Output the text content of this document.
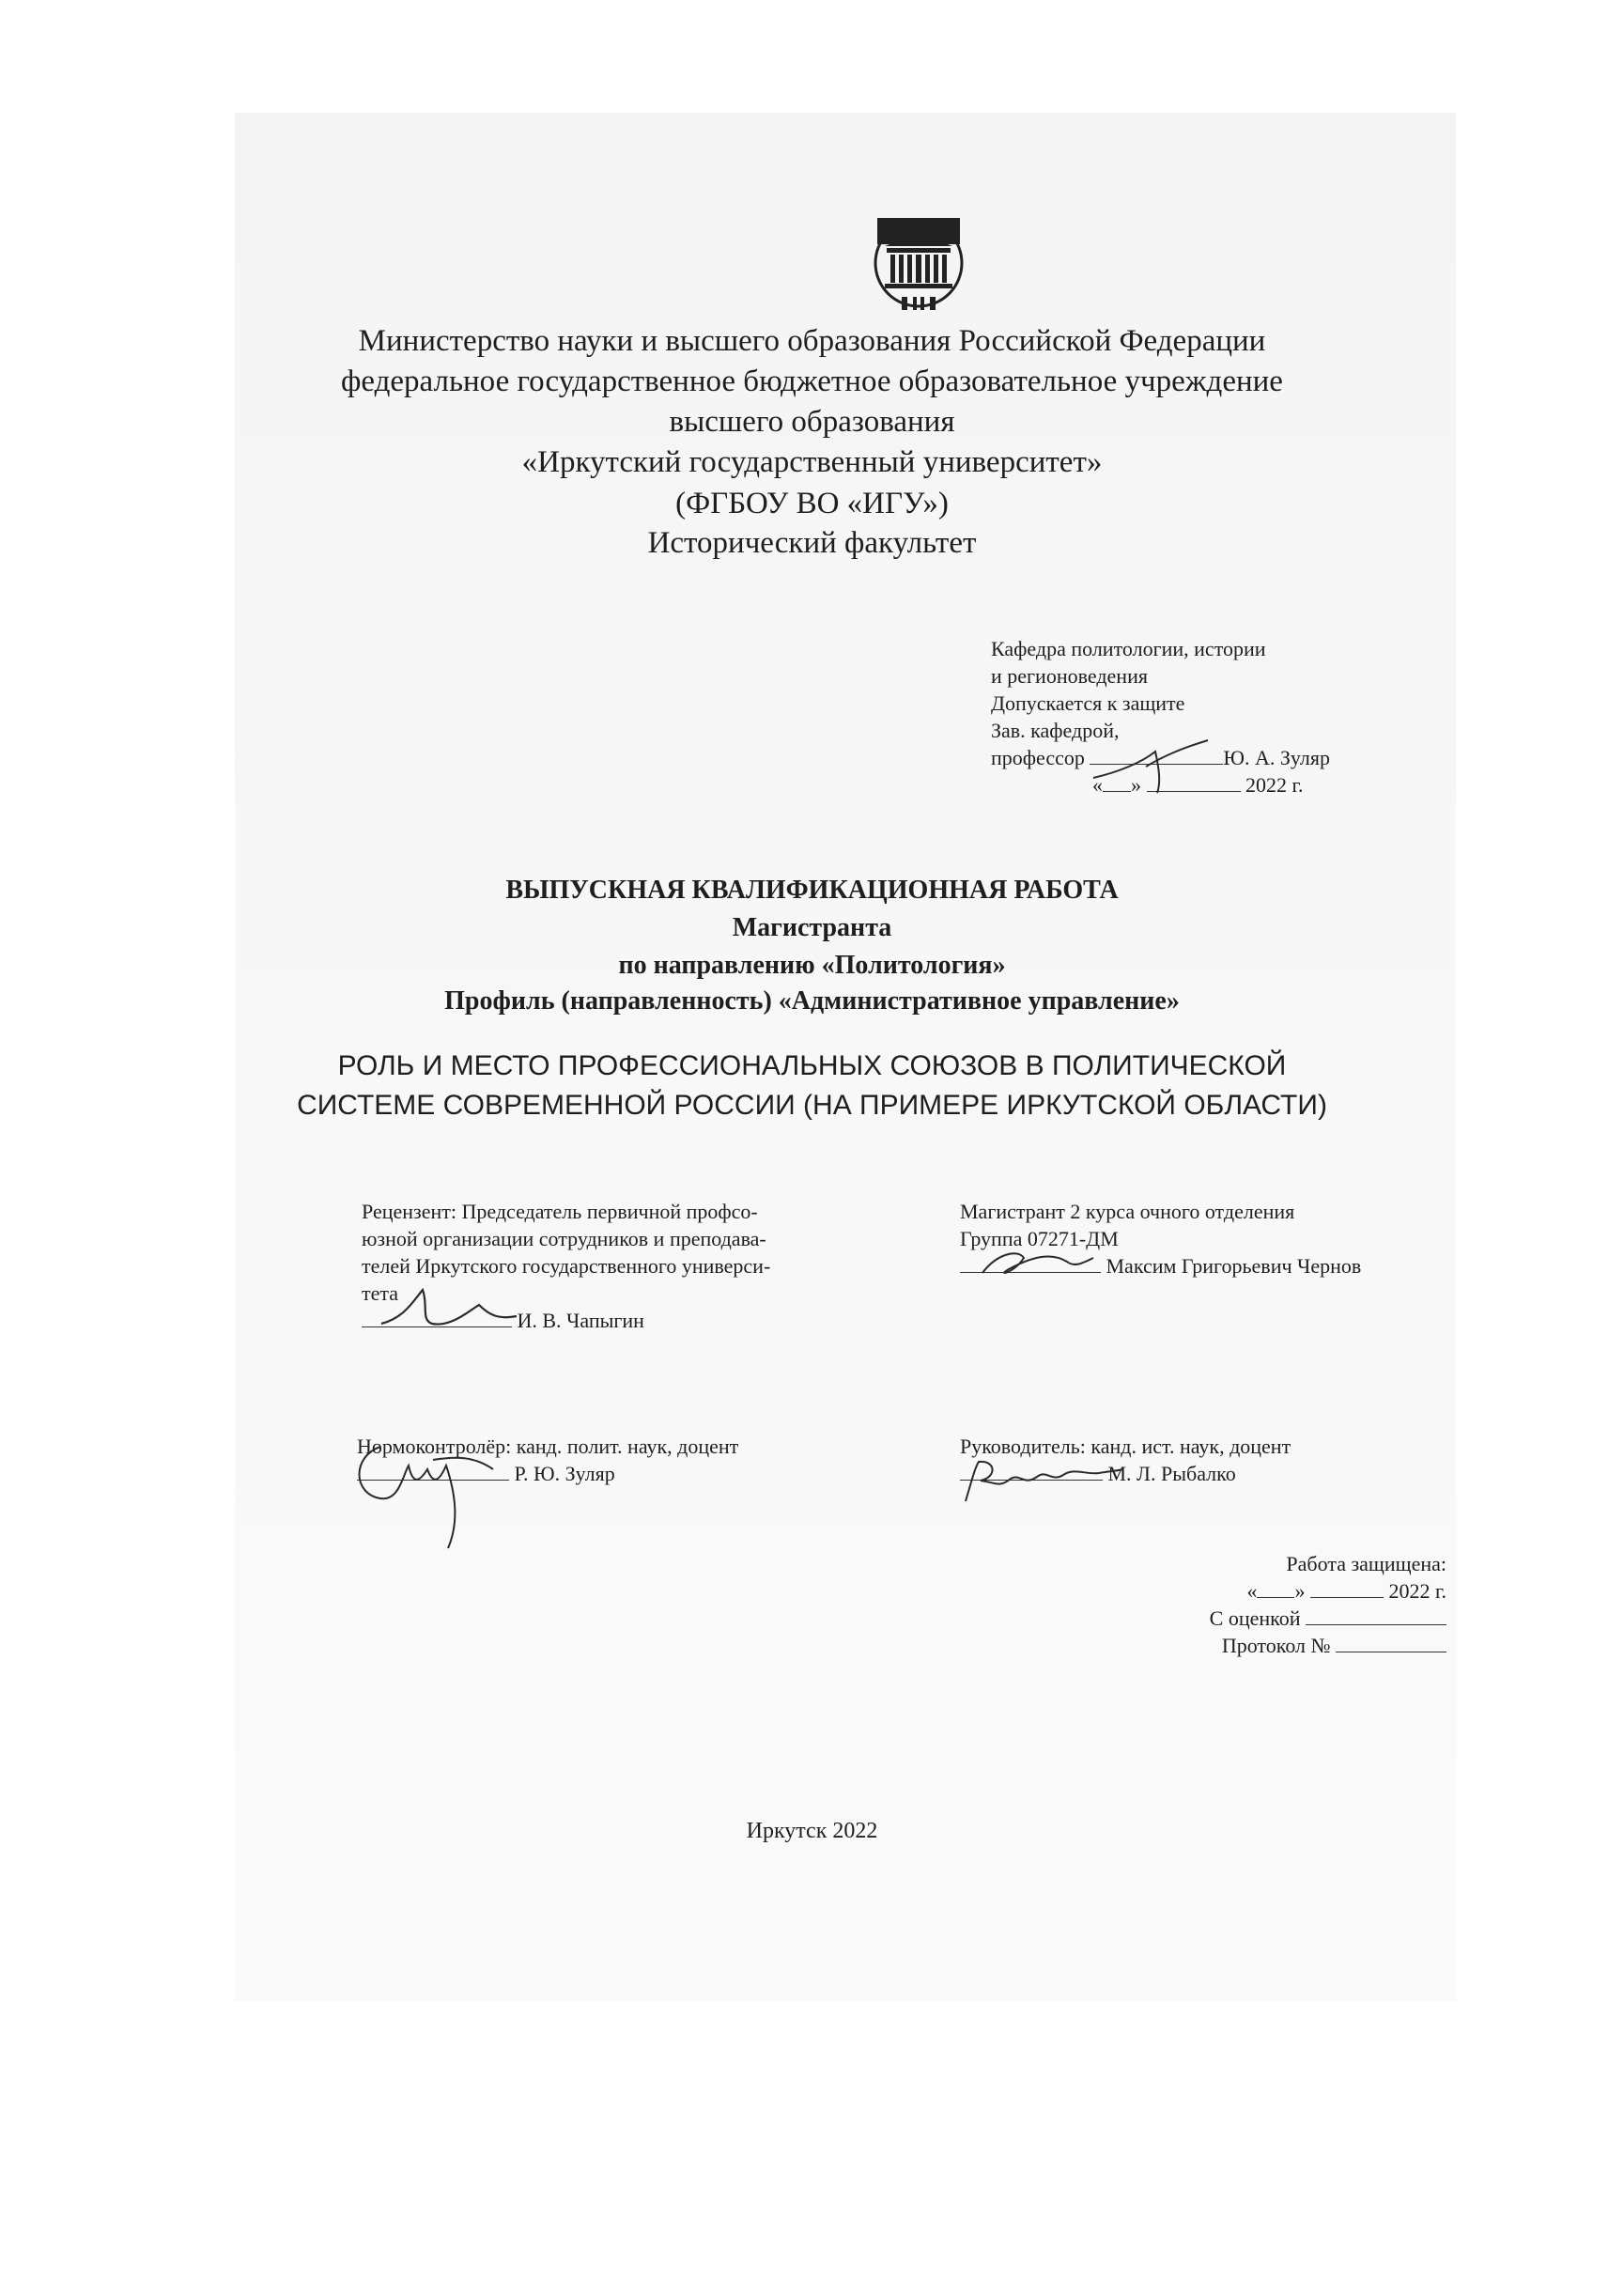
Министерство науки и высшего образования Российской Федерации
федеральное государственное бюджетное образовательное учреждение
высшего образования
«Иркутский государственный университет»
(ФГБОУ ВО «ИГУ»)
Исторический факультет
Кафедра политологии, истории
и регионоведения
Допускается к защите
Зав. кафедрой,
профессор	Ю. А. Зуляр
« »	2022 г.
ВЫПУСКНАЯ КВАЛИФИКАЦИОННАЯ РАБОТА
Магистранта
по направлению «Политология»
Профиль (направленность) «Административное управление»
РОЛЬ И МЕСТО ПРОФЕССИОНАЛЬНЫХ СОЮЗОВ В ПОЛИТИЧЕСКОЙ
СИСТЕМЕ СОВРЕМЕННОЙ РОССИИ (НА ПРИМЕРЕ ИРКУТСКОЙ ОБЛАСТИ)
Рецензент: Председатель первичной профсо-
юзной организации сотрудников и преподава-
телей Иркутского государственного универси-
тета
И. В. Чапыгин
Магистрант 2 курса очного отделения
Группа 07271-ДМ
Максим Григорьевич Чернов
Нормоконтролёр: канд. полит. наук, доцент
Р. Ю. Зуляр
Руководитель: канд. ист. наук, доцент
М. Л. Рыбалко
Работа защищена:
« »	2022 г.
С оценкой
Протокол №
Иркутск 2022
